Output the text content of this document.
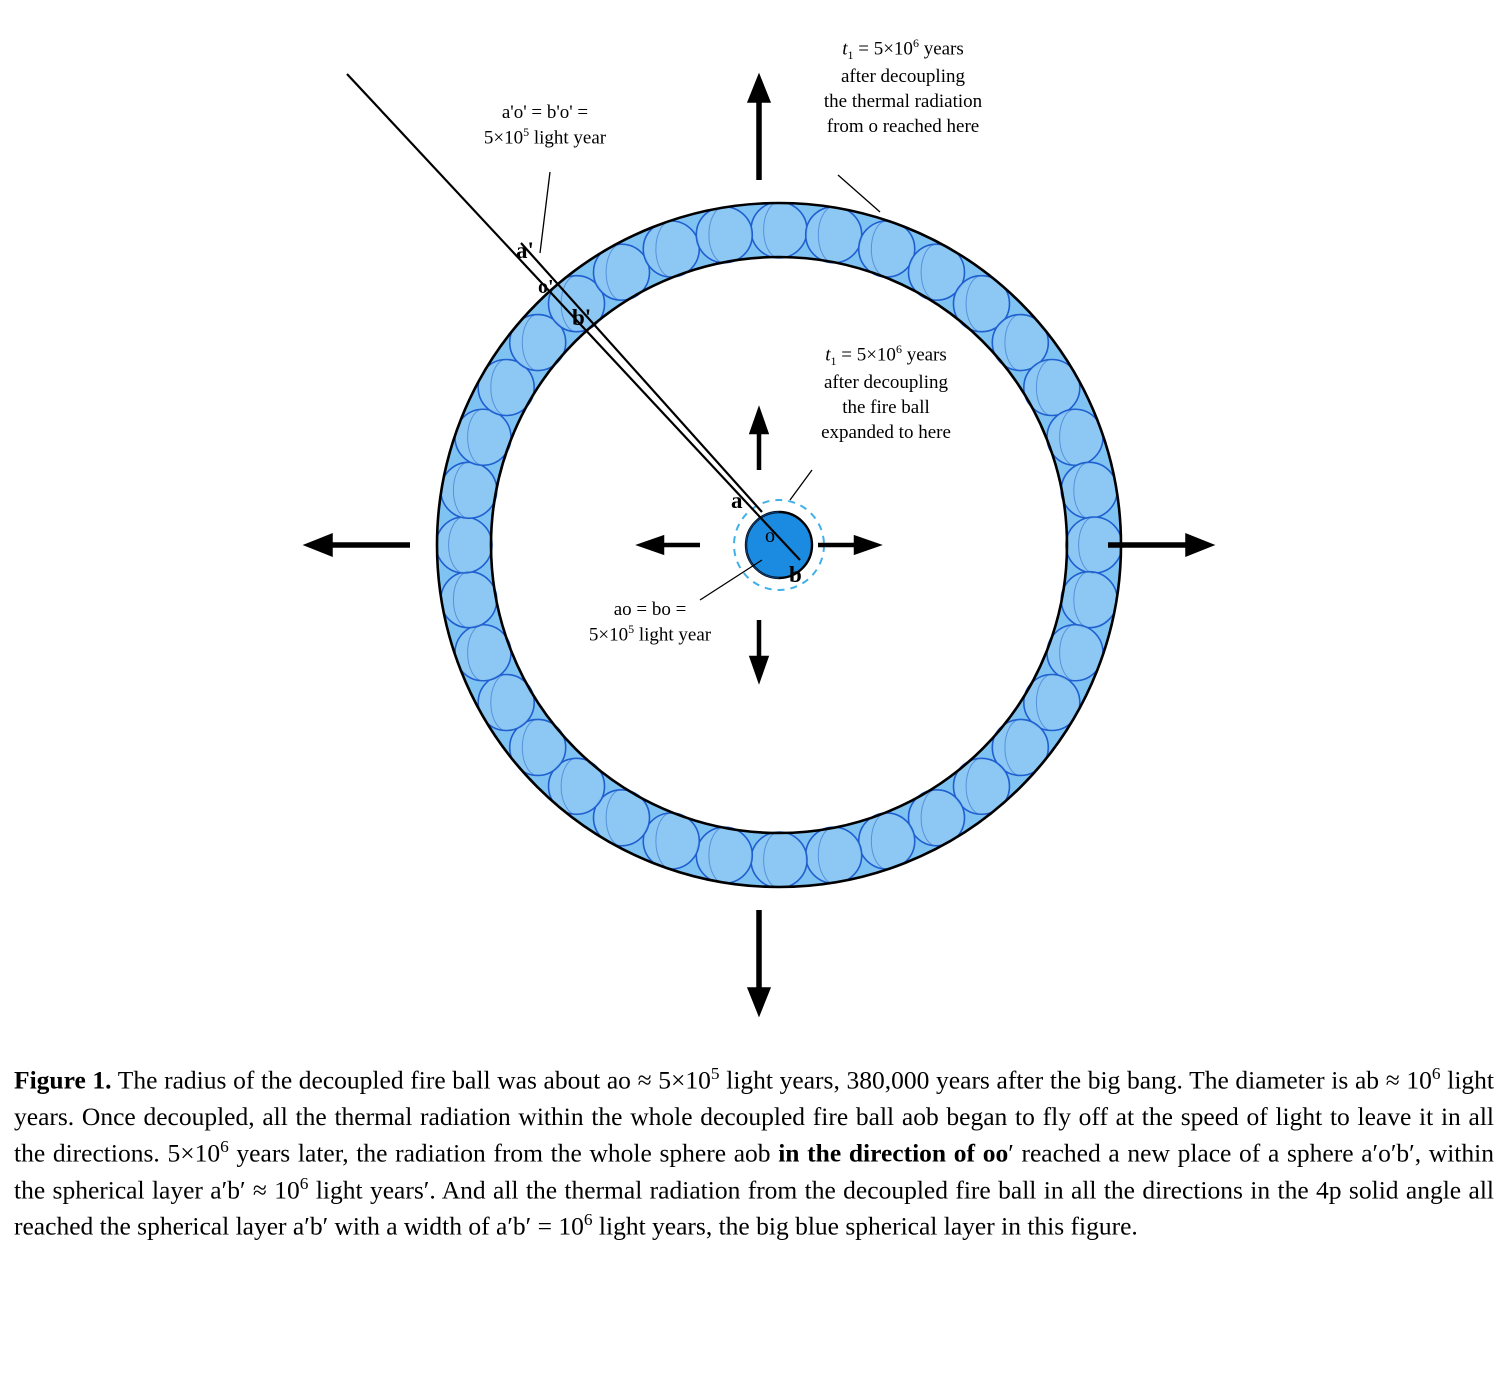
$t_1 = 5\times 10^6$ years
after decoupling
the thermal radiation
from o reached here
$t_1 = 5\times 10^6$ years
after decoupling
the fire ball
expanded to here
a'o' = b'o' =
$5\times 10^5$ light year
ao = bo =
$5\times 10^5$ light year
a'
o'
b'
a
o
b
Figure 1. The radius of the decoupled fire ball was about ao ≈ $5\times 10^5$ light years, 380,000 years after the big bang. The diameter is ab ≈ $10^6$ light years. Once decoupled, all the thermal radiation within the whole decoupled fire ball aob began to fly off at the speed of light to leave it in all the directions. $5\times 10^6$ years later, the radiation from the whole sphere aob in the direction of oo′ reached a new place of a sphere a′o′b′, within the spherical layer $a'b' \approx 10^6$ light years′. And all the thermal radiation from the decoupled fire ball in all the directions in the 4p solid angle all reached the spherical layer a′b′ with a width of $a'b' = 10^6$ light years, the big blue spherical layer in this figure.
